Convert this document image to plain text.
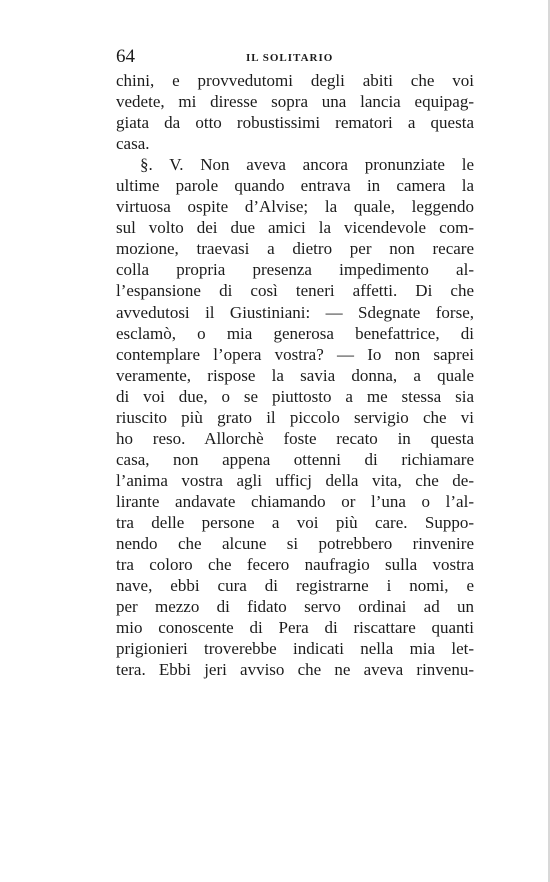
64	IL SOLITARIO
chini, e provvedutomi degli abiti che voi
vedete, mi diresse sopra una lancia equipag-
giata da otto robustissimi rematori a questa
casa.
§. V. Non aveva ancora pronunziate le
ultime parole quando entrava in camera la
virtuosa ospite d’Alvise; la quale, leggendo
sul volto dei due amici la vicendevole com-
mozione, traevasi a dietro per non recare
colla propria presenza impedimento al-
l’espansione di così teneri affetti. Di che
avvedutosi il Giustiniani: — Sdegnate forse,
esclamò, o mia generosa benefattrice, di
contemplare l’opera vostra? — Io non saprei
veramente, rispose la savia donna, a quale
di voi due, o se piuttosto a me stessa sia
riuscito più grato il piccolo servigio che vi
ho reso. Allorchè foste recato in questa
casa, non appena ottenni di richiamare
l’anima vostra agli ufficj della vita, che de-
lirante andavate chiamando or l’una o l’al-
tra delle persone a voi più care. Suppo-
nendo che alcune si potrebbero rinvenire
tra coloro che fecero naufragio sulla vostra
nave, ebbi cura di registrarne i nomi, e
per mezzo di fidato servo ordinai ad un
mio conoscente di Pera di riscattare quanti
prigionieri troverebbe indicati nella mia let-
tera. Ebbi jeri avviso che ne aveva rinvenu-
